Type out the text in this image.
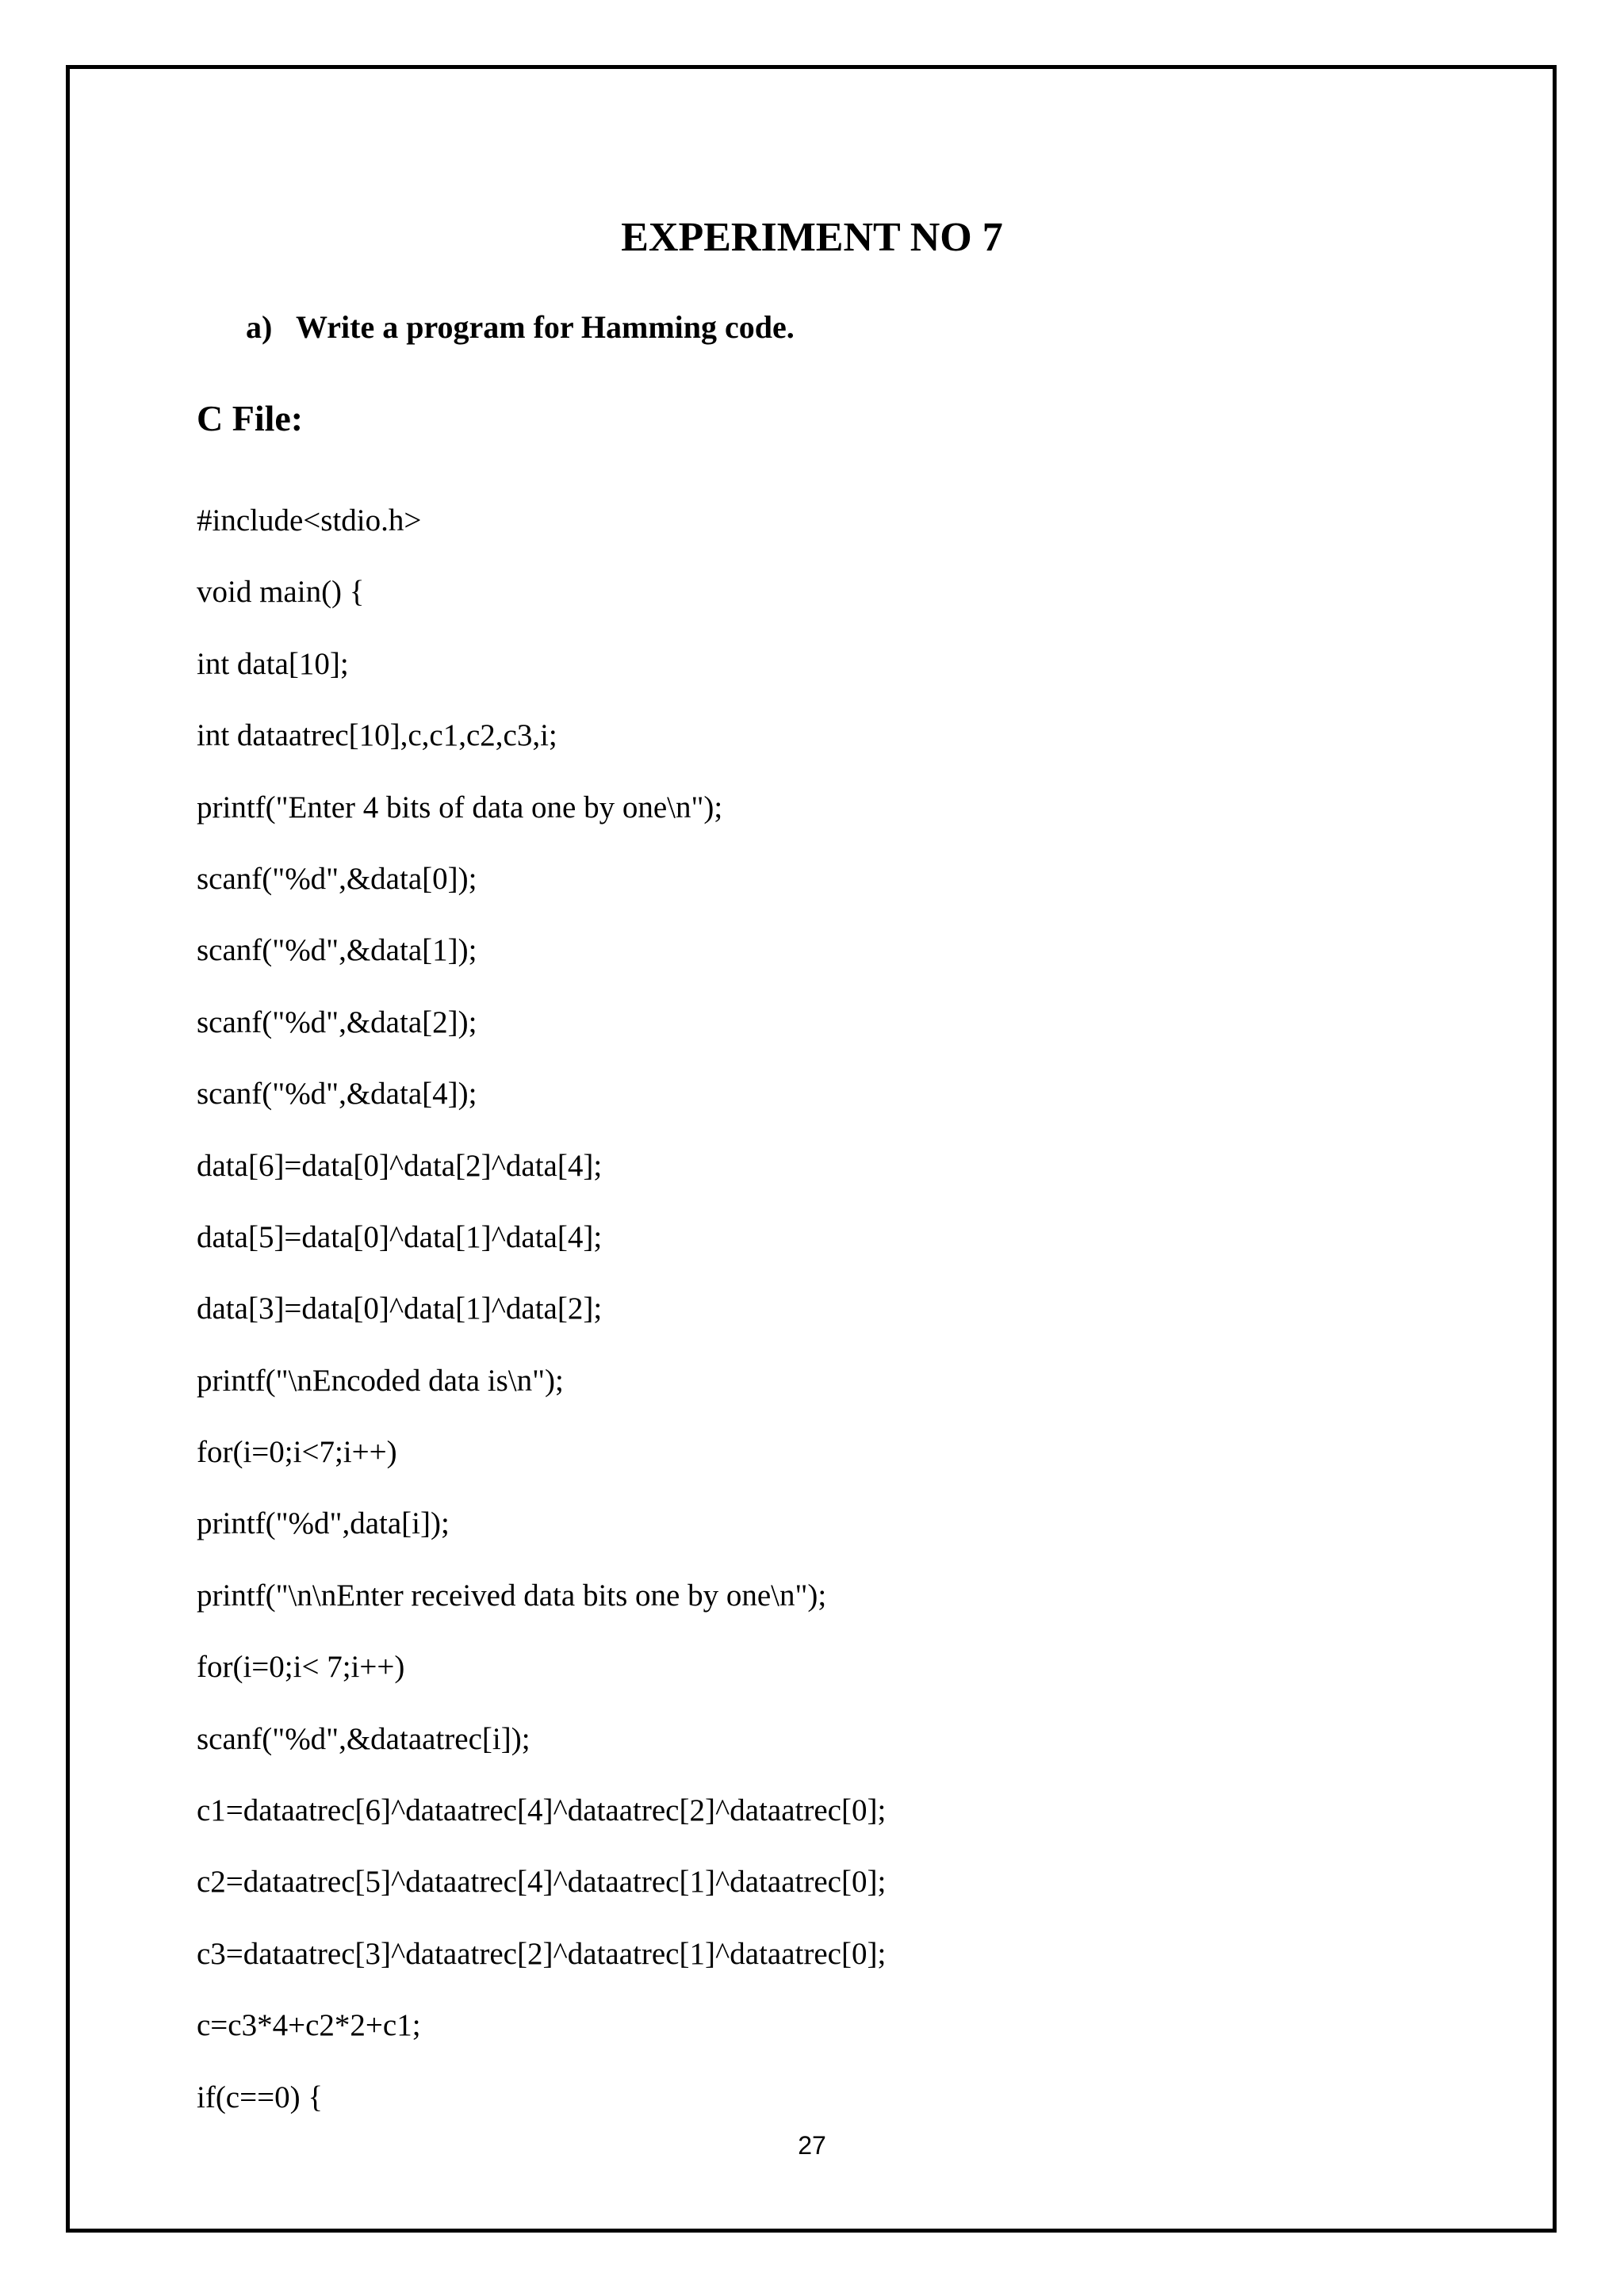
EXPERIMENT NO 7
a) Write a program for Hamming code.
C File:
#include<stdio.h>
void main() {
int data[10];
int dataatrec[10],c,c1,c2,c3,i;
printf("Enter 4 bits of data one by one\n");
scanf("%d",&data[0]);
scanf("%d",&data[1]);
scanf("%d",&data[2]);
scanf("%d",&data[4]);
data[6]=data[0]^data[2]^data[4];
data[5]=data[0]^data[1]^data[4];
data[3]=data[0]^data[1]^data[2];
printf("\nEncoded data is\n");
for(i=0;i<7;i++)
printf("%d",data[i]);
printf("\n\nEnter received data bits one by one\n");
for(i=0;i< 7;i++)
scanf("%d",&dataatrec[i]);
c1=dataatrec[6]^dataatrec[4]^dataatrec[2]^dataatrec[0];
c2=dataatrec[5]^dataatrec[4]^dataatrec[1]^dataatrec[0];
c3=dataatrec[3]^dataatrec[2]^dataatrec[1]^dataatrec[0];
c=c3*4+c2*2+c1;
if(c==0) {
27
